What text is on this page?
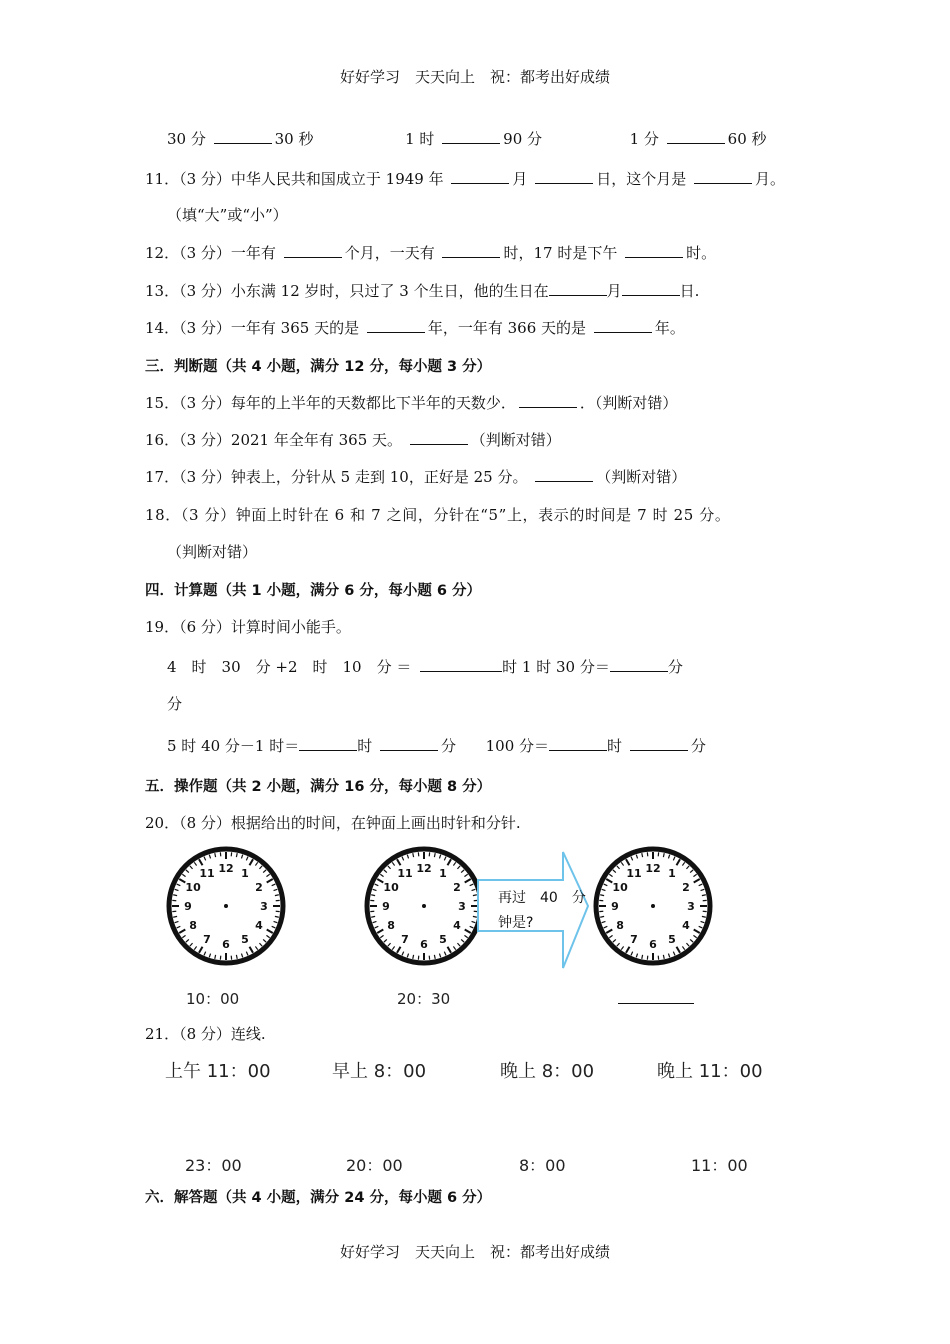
好好学习　天天向上　祝：都考出好成绩
30 分	30 秒	1 时	90 分	1 分	60 秒
11．（3 分）中华人民共和国成立于 1949 年	月	日，这个月是	月。
（填“大”或“小”）
12．（3 分）一年有	个月，一天有	时，17 时是下午	时。
13．（3 分）小东满 12 岁时，只过了 3 个生日，他的生日在	月	日.
14．（3 分）一年有 365 天的是	年，一年有 366 天的是	年。
三．判断题（共 4 小题，满分 12 分，每小题 3 分）
15．（3 分）每年的上半年的天数都比下半年的天数少．	．（判断对错）
16．（3 分）2021 年全年有 365 天。	（判断对错）
17．（3 分）钟表上，分针从 5 走到 10，正好是 25 分。	（判断对错）
18．（3 分）钟面上时针在 6 和 7 之间，分针在“5”上，表示的时间是 7 时 25 分。
（判断对错）
四．计算题（共 1 小题，满分 6 分，每小题 6 分）
19．（6 分）计算时间小能手。
4　时　30　分 +2　时　10　分 ＝	时 1 时 30 分＝	分
分
5 时 40 分－1 时＝	时	分 100 分＝	时	分
五．操作题（共 2 小题，满分 16 分，每小题 8 分）
20．（8 分）根据给出的时间，在钟面上画出时针和分针.
12 1
2
3
4
5
6
7
8
9
10
11	12 1
2
3
4
5
6
7
8
9
10
11	12 1
2
3
4
5
6
7
8
9
10
11
再过　40　分
钟是?
10：00	20：30
21．（8 分）连线.
上午 11：00	早上 8：00	晚上 8：00	晚上 11：00
23：00	20：00	8：00	11：00
六．解答题（共 4 小题，满分 24 分，每小题 6 分）
好好学习　天天向上　祝：都考出好成绩
